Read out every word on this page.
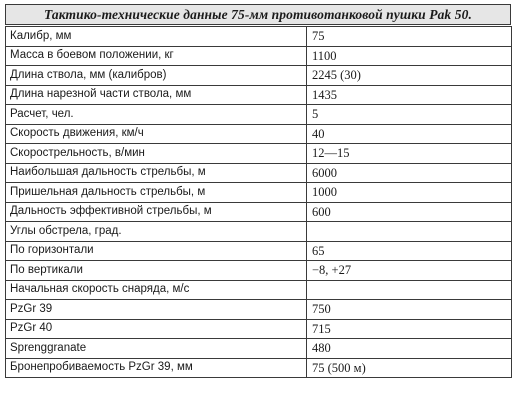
Тактико-технические данные 75-мм противотанковой пушки Pak 50.
Калибр, мм	75
Масса в боевом положении, кг	1100
Длина ствола, мм (калибров)	2245 (30)
Длина нарезной части ствола, мм	1435
Расчет, чел.	5
Скорость движения, км/ч	40
Скорострельность, в/мин	12—15
Наибольшая дальность стрельбы, м	6000
Пришельная дальность стрельбы, м	1000
Дальность эффективной стрельбы, м	600
Углы обстрела, град.	
По горизонтали	65
По вертикали	−8, +27
Начальная скорость снаряда, м/с	
PzGr 39	750
PzGr 40	715
Sprenggranate	480
Бронепробиваемость PzGr 39, мм	75 (500 м)
